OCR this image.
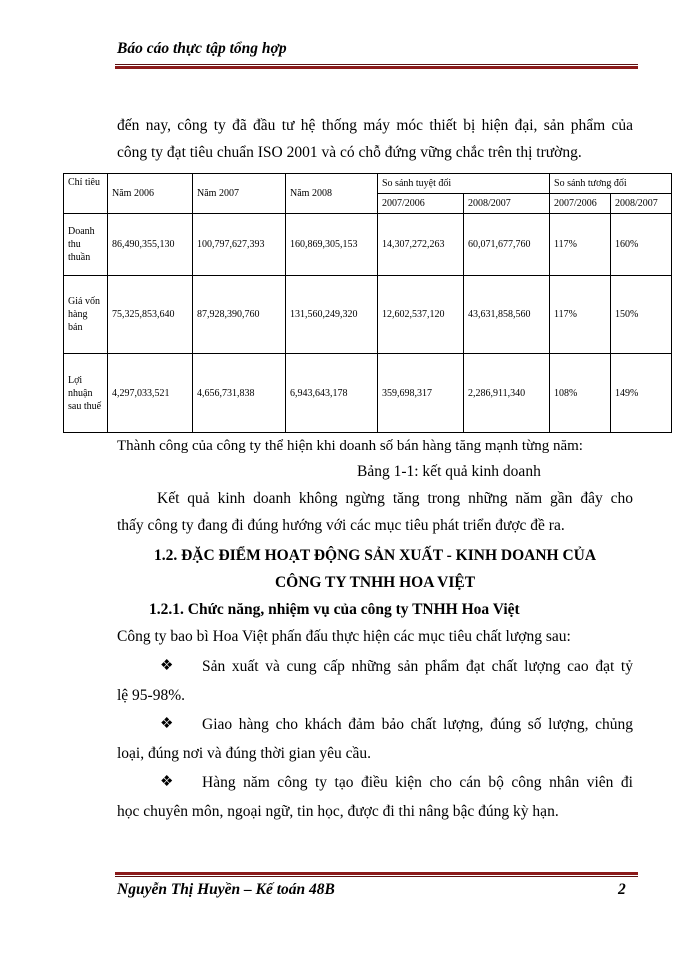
Báo cáo thực tập tổng hợp
đến nay, công ty đã đầu tư hệ thống máy móc thiết bị hiện đại, sản phẩm của
công ty đạt tiêu chuẩn ISO 2001 và có chỗ đứng vững chắc trên thị trường.
Chỉ tiêu	Năm 2006	Năm 2007	Năm 2008	So sánh tuyệt đối		So sánh tương đối	
				2007/2006	2008/2007	2007/2006	2008/2007
Doanh thu thuần	86,490,355,130	100,797,627,393	160,869,305,153	14,307,272,263	60,071,677,760	117%	160%
Giá vốn hàng bán	75,325,853,640	87,928,390,760	131,560,249,320	12,602,537,120	43,631,858,560	117%	150%
Lợi nhuận sau thuế	4,297,033,521	4,656,731,838	6,943,643,178	359,698,317	2,286,911,340	108%	149%
Thành công của công ty thể hiện khi doanh số bán hàng tăng mạnh từng năm:
Bảng 1-1: kết quả kinh doanh
Kết quả kinh doanh không ngừng tăng trong những năm gần đây cho
thấy công ty đang đi đúng hướng với các mục tiêu phát triển được đề ra.
1.2. ĐẶC ĐIỂM HOẠT ĐỘNG SẢN XUẤT - KINH DOANH CỦA
CÔNG TY TNHH HOA VIỆT
1.2.1. Chức năng, nhiệm vụ của công ty TNHH Hoa Việt
Công ty bao bì Hoa Việt phấn đấu thực hiện các mục tiêu chất lượng sau:
❖ Sản xuất và cung cấp những sản phẩm đạt chất lượng cao đạt tỷ
lệ 95-98%.
❖ Giao hàng cho khách đảm bảo chất lượng, đúng số lượng, chủng
loại, đúng nơi và đúng thời gian yêu cầu.
❖ Hàng năm công ty tạo điều kiện cho cán bộ công nhân viên đi
học chuyên môn, ngoại ngữ, tin học, được đi thi nâng bậc đúng kỳ hạn.
Nguyễn Thị Huyền – Kế toán 48B	2
